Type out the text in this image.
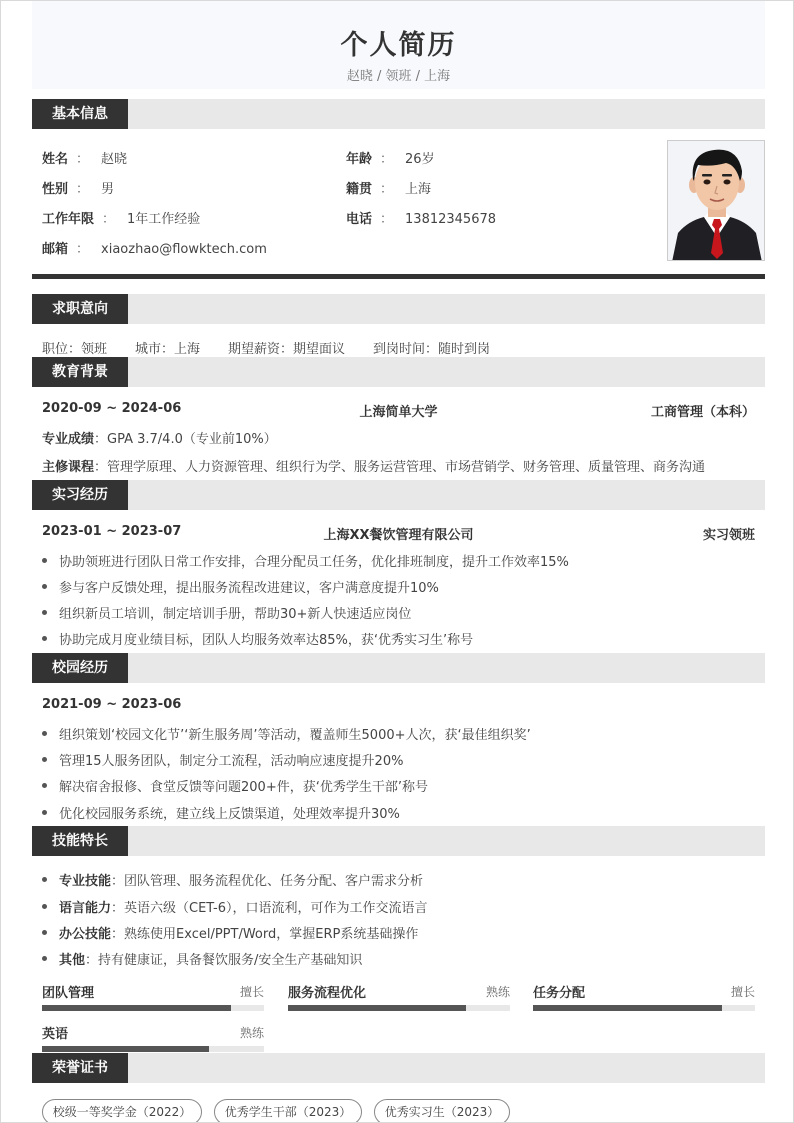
个人简历
赵晓 / 领班 / 上海
基本信息
姓名 ： 赵晓	年龄 ： 26岁
性别 ： 男	籍贯 ： 上海
工作年限 ： 1年工作经验	电话 ： 13812345678
邮箱 ： xiaozhao@flowktech.com
求职意向
职位：领班 城市：上海 期望薪资：期望面议 到岗时间：随时到岗
教育背景
2020-09 ~ 2024-06	上海简单大学	工商管理（本科）
专业成绩：GPA 3.7/4.0（专业前10%）
主修课程：管理学原理、人力资源管理、组织行为学、服务运营管理、市场营销学、财务管理、质量管理、商务沟通
实习经历
2023-01 ~ 2023-07	上海XX餐饮管理有限公司	实习领班
协助领班进行团队日常工作安排，合理分配员工任务，优化排班制度，提升工作效率15%
参与客户反馈处理，提出服务流程改进建议，客户满意度提升10%
组织新员工培训，制定培训手册，帮助30+新人快速适应岗位
协助完成月度业绩目标，团队人均服务效率达85%，获‘优秀实习生’称号
校园经历
2021-09 ~ 2023-06
组织策划‘校园文化节’‘新生服务周’等活动，覆盖师生5000+人次，获‘最佳组织奖’
管理15人服务团队，制定分工流程，活动响应速度提升20%
解决宿舍报修、食堂反馈等问题200+件，获‘优秀学生干部’称号
优化校园服务系统，建立线上反馈渠道，处理效率提升30%
技能特长
专业技能：团队管理、服务流程优化、任务分配、客户需求分析
语言能力：英语六级（CET-6），口语流利，可作为工作交流语言
办公技能：熟练使用Excel/PPT/Word，掌握ERP系统基础操作
其他：持有健康证，具备餐饮服务/安全生产基础知识
团队管理	擅长 服务流程优化	熟练 任务分配	擅长
英语	熟练
荣誉证书
校级一等奖学金（2022）	优秀学生干部（2023）	优秀实习生（2023）
